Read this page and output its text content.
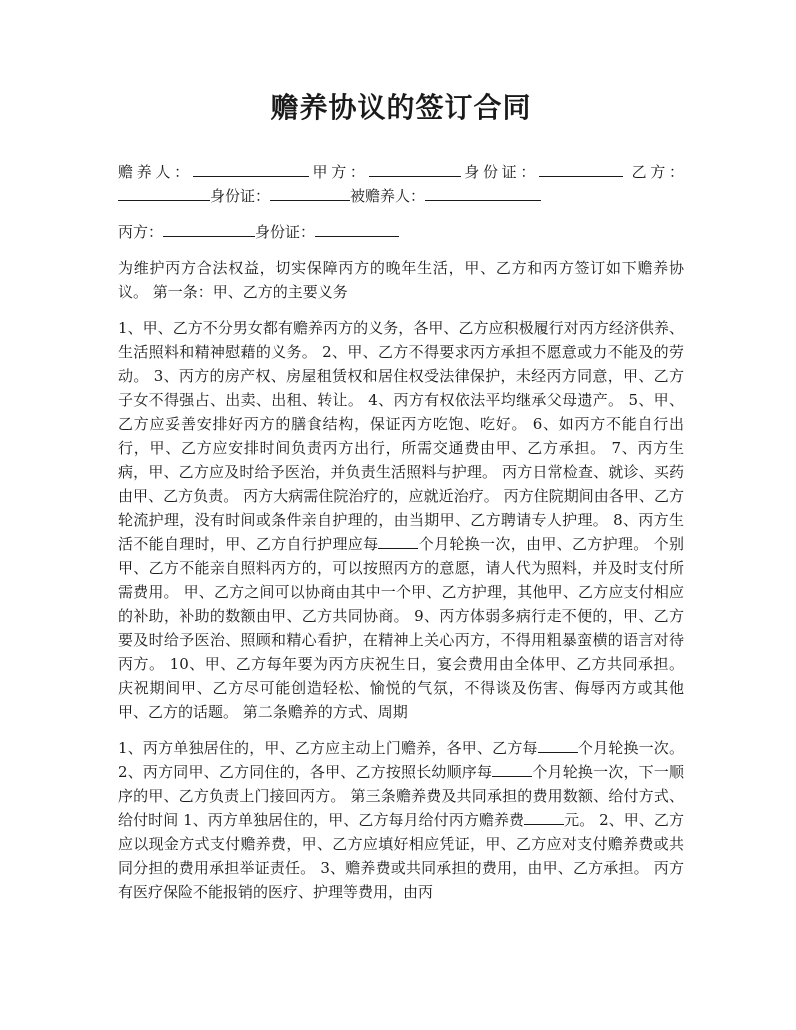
赡养协议的签订合同
赡养人：	甲方：	身份证：	乙方：身份证：	被赡养人：
丙方：	身份证：
为维护丙方合法权益，切实保障丙方的晚年生活，甲、乙方和丙方签订如下赡养协议。 第一条：甲、乙方的主要义务
1、甲、乙方不分男女都有赡养丙方的义务，各甲、乙方应积极履行对丙方经济供养、生活照料和精神慰藉的义务。 2、甲、乙方不得要求丙方承担不愿意或力不能及的劳动。 3、丙方的房产权、房屋租赁权和居住权受法律保护，未经丙方同意，甲、乙方子女不得强占、出卖、出租、转让。 4、丙方有权依法平均继承父母遗产。 5、甲、乙方应妥善安排好丙方的膳食结构，保证丙方吃饱、吃好。 6、如丙方不能自行出行，甲、乙方应安排时间负责丙方出行，所需交通费由甲、乙方承担。 7、丙方生病，甲、乙方应及时给予医治，并负责生活照料与护理。 丙方日常检查、就诊、买药由甲、乙方负责。 丙方大病需住院治疗的，应就近治疗。 丙方住院期间由各甲、乙方轮流护理，没有时间或条件亲自护理的，由当期甲、乙方聘请专人护理。 8、丙方生活不能自理时，甲、乙方自行护理应每	个月轮换一次，由甲、乙方护理。 个别甲、乙方不能亲自照料丙方的，可以按照丙方的意愿，请人代为照料，并及时支付所需费用。 甲、乙方之间可以协商由其中一个甲、乙方护理，其他甲、乙方应支付相应的补助，补助的数额由甲、乙方共同协商。 9、丙方体弱多病行走不便的，甲、乙方要及时给予医治、照顾和精心看护，在精神上关心丙方，不得用粗暴蛮横的语言对待丙方。 10、甲、乙方每年要为丙方庆祝生日，宴会费用由全体甲、乙方共同承担。 庆祝期间甲、乙方尽可能创造轻松、愉悦的气氛，不得谈及伤害、侮辱丙方或其他甲、乙方的话题。 第二条赡养的方式、周期
1、丙方单独居住的，甲、乙方应主动上门赡养，各甲、乙方每	个月轮换一次。 2、丙方同甲、乙方同住的，各甲、乙方按照长幼顺序每	个月轮换一次，下一顺序的甲、乙方负责上门接回丙方。 第三条赡养费及共同承担的费用数额、给付方式、给付时间 1、丙方单独居住的，甲、乙方每月给付丙方赡养费	元。 2、甲、乙方应以现金方式支付赡养费，甲、乙方应填好相应凭证，甲、乙方应对支付赡养费或共同分担的费用承担举证责任。 3、赡养费或共同承担的费用，由甲、乙方承担。 丙方有医疗保险不能报销的医疗、护理等费用，由丙
